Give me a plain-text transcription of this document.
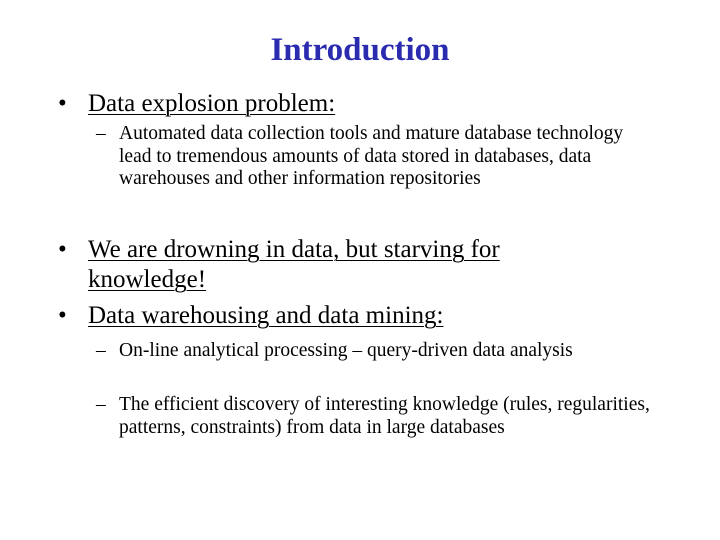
Introduction
• Data explosion problem:
– Automated data collection tools and mature database technology lead to tremendous amounts of data stored in databases, data warehouses and other information repositories
• We are drowning in data, but starving for knowledge!
• Data warehousing and data mining:
– On-line analytical processing – query-driven data analysis
– The efficient discovery of interesting knowledge (rules, regularities, patterns, constraints) from data in large databases
